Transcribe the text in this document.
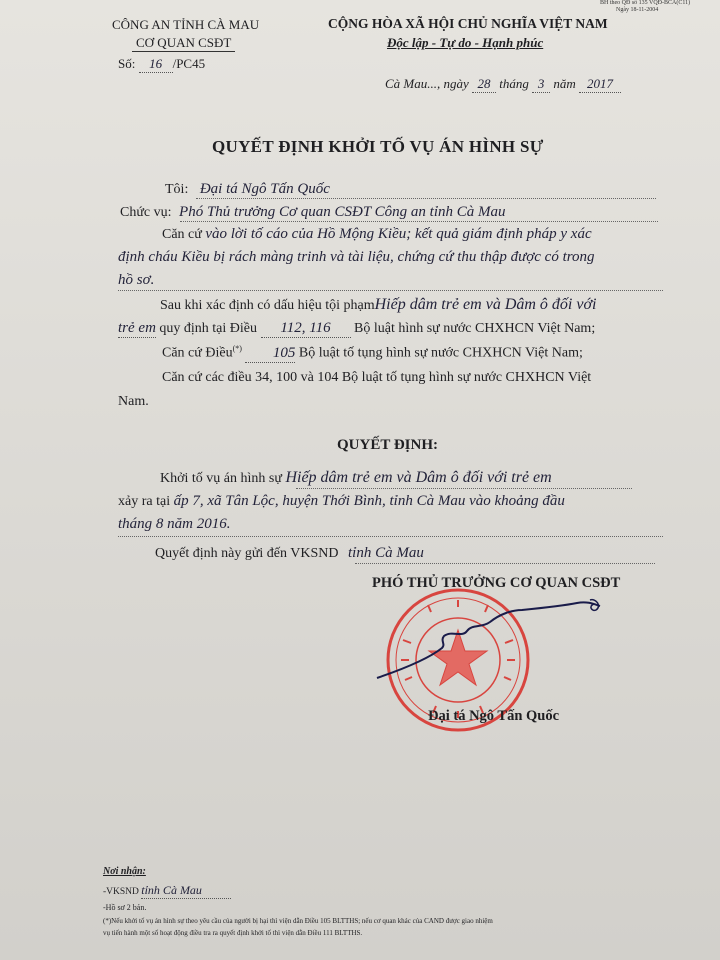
BH theo QĐ số 135 VQĐ-BCA(C11)
Ngày 18-11-2004
CÔNG AN TỈNH CÀ MAU
CƠ QUAN CSĐT
Số: 16 /PC45
CỘNG HÒA XÃ HỘI CHỦ NGHĨA VIỆT NAM
Độc lập - Tự do - Hạnh phúc
Cà Mau..., ngày 28 tháng 3 năm 2017
QUYẾT ĐỊNH KHỞI TỐ VỤ ÁN HÌNH SỰ
Tôi: Đại tá Ngô Tấn Quốc
Chức vụ: Phó Thủ trưởng Cơ quan CSĐT Công an tỉnh Cà Mau
Căn cứ vào lời tố cáo của Hồ Mộng Kiều; kết quả giám định pháp y xác
định cháu Kiều bị rách màng trinh và tài liệu, chứng cứ thu thập được có trong
hồ sơ.
Sau khi xác định có dấu hiệu tội phạmHiếp dâm trẻ em và Dâm ô đối với
trẻ em quy định tại Điều 112, 116 Bộ luật hình sự nước CHXHCN Việt Nam;
Căn cứ Điều(*) 105 Bộ luật tố tụng hình sự nước CHXHCN Việt Nam;
Căn cứ các điều 34, 100 và 104 Bộ luật tố tụng hình sự nước CHXHCN Việt
Nam.
QUYẾT ĐỊNH:
Khởi tố vụ án hình sự Hiếp dâm trẻ em và Dâm ô đối với trẻ em
xảy ra tại ấp 7, xã Tân Lộc, huyện Thới Bình, tỉnh Cà Mau vào khoảng đầu
tháng 8 năm 2016.
Quyết định này gửi đến VKSND tỉnh Cà Mau
PHÓ THỦ TRƯỞNG CƠ QUAN CSĐT
Đại tá Ngô Tấn Quốc
Nơi nhận:
-VKSND tỉnh Cà Mau
-Hồ sơ 2 bản.
(*)Nếu khởi tố vụ án hình sự theo yêu cầu của người bị hại thì viện dẫn Điều 105 BLTTHS; nếu cơ quan khác của CAND được giao nhiệm
vụ tiến hành một số hoạt động điều tra ra quyết định khởi tố thì viện dẫn Điều 111 BLTTHS.
